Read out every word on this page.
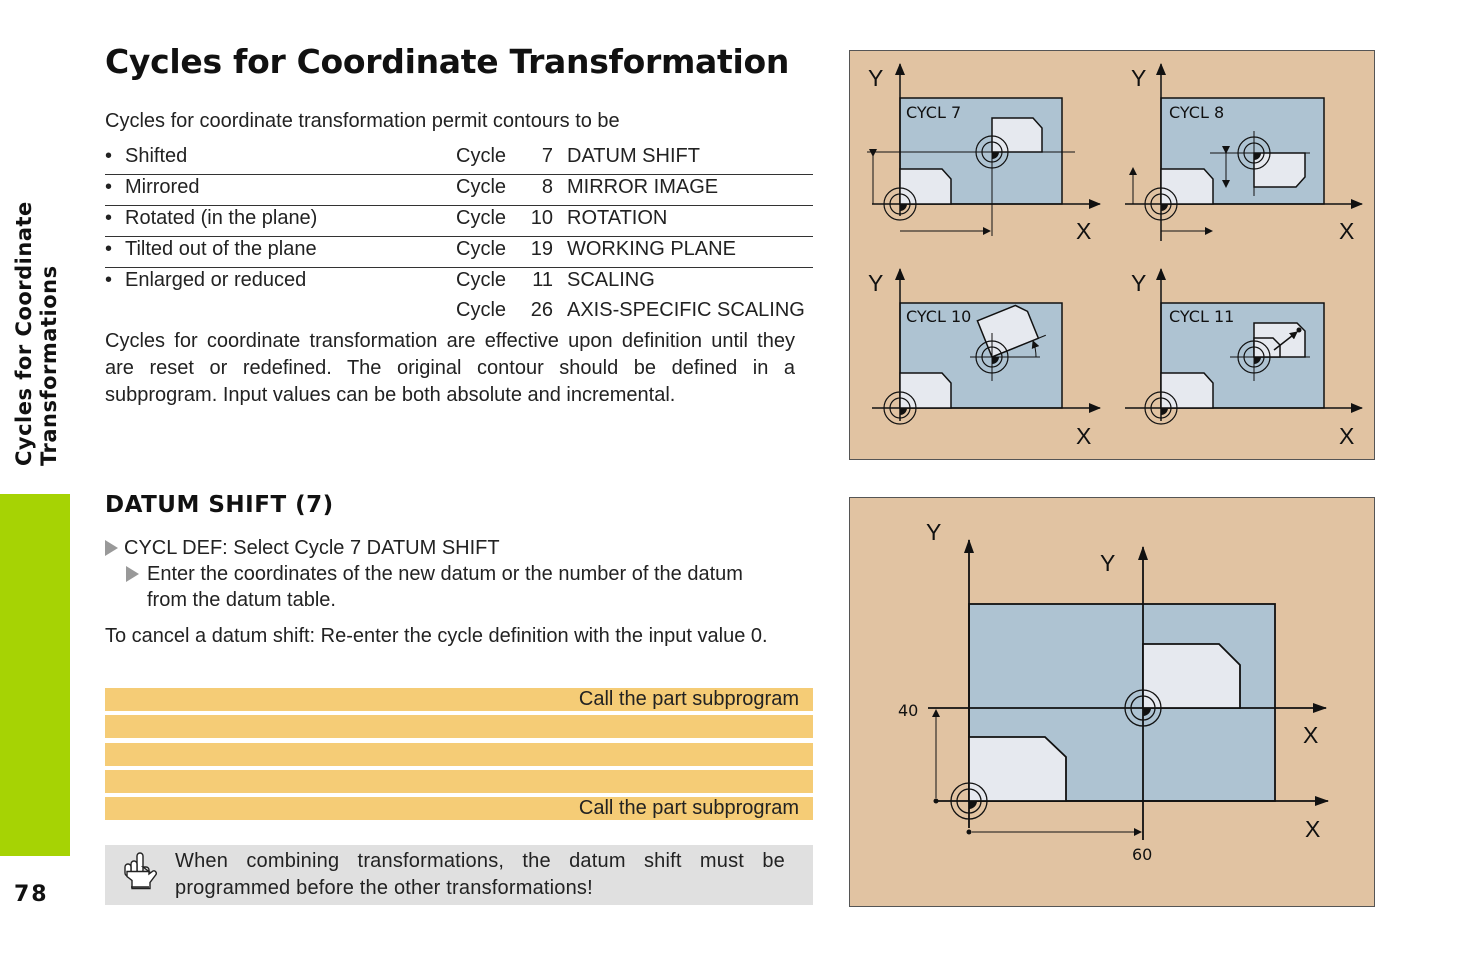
Cycles for Coordinate Transformations
78
Cycles for Coordinate Transformation
Cycles for coordinate transformation permit contours to be
• Shifted	Cycle	7	DATUM SHIFT
• Mirrored	Cycle	8	MIRROR IMAGE
• Rotated (in the plane)	Cycle	10	ROTATION
• Tilted out of the plane	Cycle	19	WORKING PLANE
• Enlarged or reduced	Cycle	11	SCALING
	Cycle	26	AXIS-SPECIFIC SCALING
Cycles for coordinate transformation are effective upon definition until they are reset or redefined. The original contour should be defined in a subprogram. Input values can be both absolute and incremental.
DATUM SHIFT (7)
CYCL DEF: Select Cycle 7 DATUM SHIFT
Enter the coordinates of the new datum or the number of the datum from the datum table.
To cancel a datum shift: Re-enter the cycle definition with the input value 0.
Call the part subprogram
Call the part subprogram
When combining transformations, the datum shift must be programmed before the other transformations!
CYCL 7
Y
X
CYCL 8
Y
X
CYCL 10
Y
X
CYCL 11
Y
X
Y
Y
X
X
40
60
